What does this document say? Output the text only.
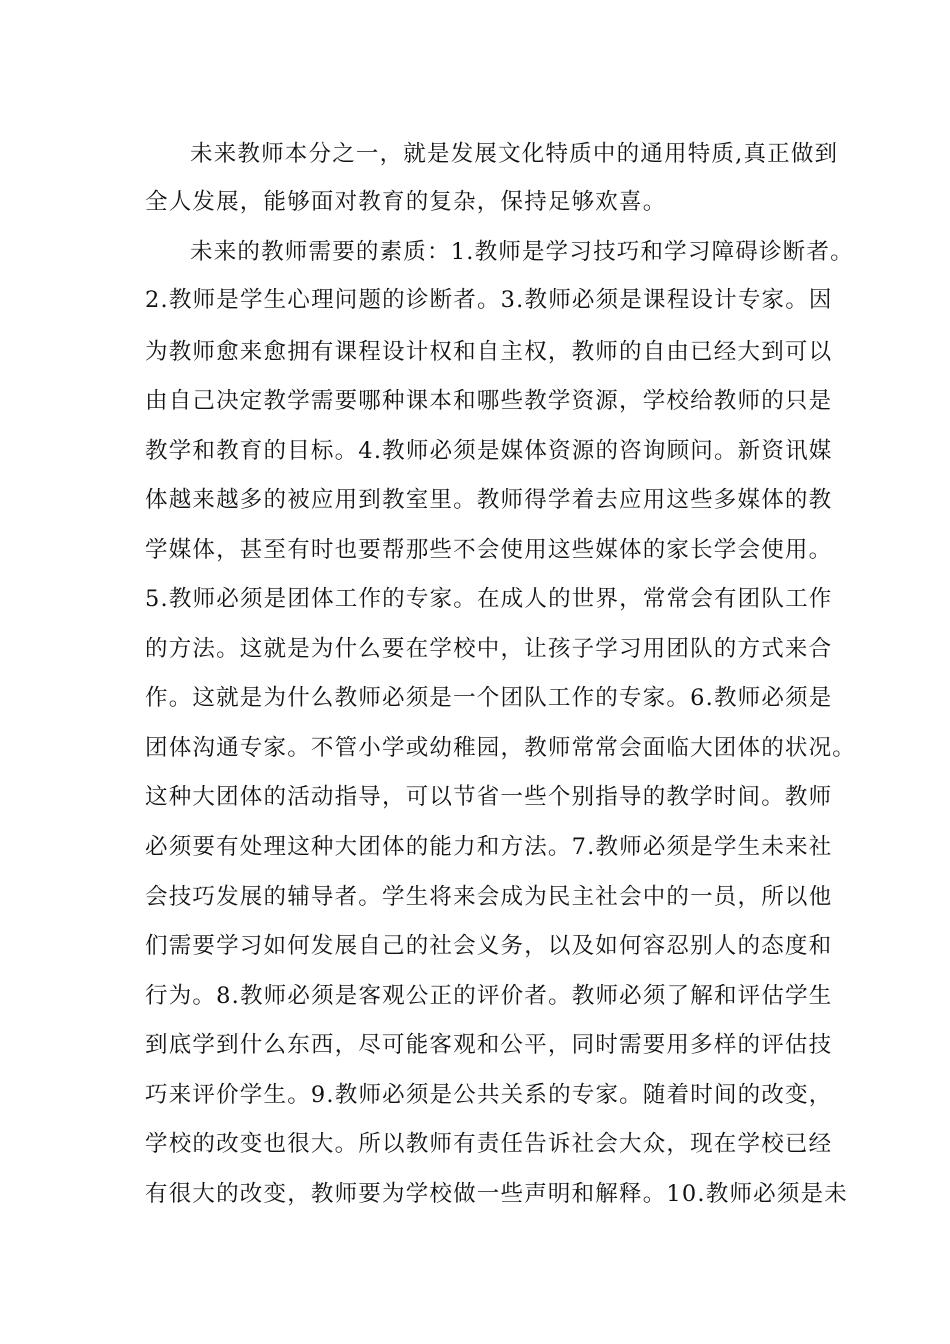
未来教师本分之一，就是发展文化特质中的通用特质,真正做到
全人发展，能够面对教育的复杂，保持足够欢喜。
未来的教师需要的素质：1.教师是学习技巧和学习障碍诊断者。
2.教师是学生心理问题的诊断者。3.教师必须是课程设计专家。因
为教师愈来愈拥有课程设计权和自主权，教师的自由已经大到可以
由自己决定教学需要哪种课本和哪些教学资源，学校给教师的只是
教学和教育的目标。4.教师必须是媒体资源的咨询顾问。新资讯媒
体越来越多的被应用到教室里。教师得学着去应用这些多媒体的教
学媒体，甚至有时也要帮那些不会使用这些媒体的家长学会使用。
5.教师必须是团体工作的专家。在成人的世界，常常会有团队工作
的方法。这就是为什么要在学校中，让孩子学习用团队的方式来合
作。这就是为什么教师必须是一个团队工作的专家。6.教师必须是
团体沟通专家。不管小学或幼稚园，教师常常会面临大团体的状况。
这种大团体的活动指导，可以节省一些个别指导的教学时间。教师
必须要有处理这种大团体的能力和方法。7.教师必须是学生未来社
会技巧发展的辅导者。学生将来会成为民主社会中的一员，所以他
们需要学习如何发展自己的社会义务，以及如何容忍别人的态度和
行为。8.教师必须是客观公正的评价者。教师必须了解和评估学生
到底学到什么东西，尽可能客观和公平，同时需要用多样的评估技
巧来评价学生。9.教师必须是公共关系的专家。随着时间的改变，
学校的改变也很大。所以教师有责任告诉社会大众，现在学校已经
有很大的改变，教师要为学校做一些声明和解释。10.教师必须是未
